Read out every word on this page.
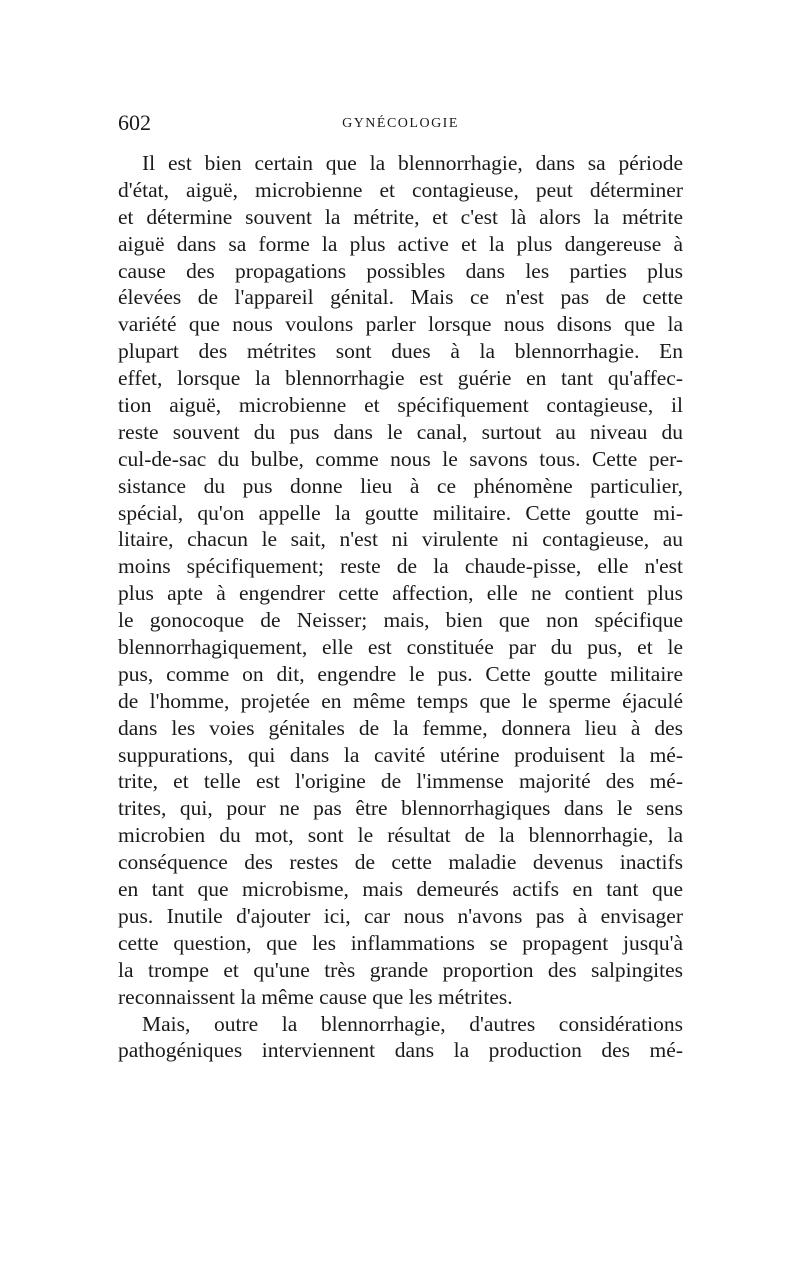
602	GYNÉCOLOGIE
Il est bien certain que la blennorrhagie, dans sa période
d'état, aiguë, microbienne et contagieuse, peut déterminer
et détermine souvent la métrite, et c'est là alors la métrite
aiguë dans sa forme la plus active et la plus dangereuse à
cause des propagations possibles dans les parties plus
élevées de l'appareil génital. Mais ce n'est pas de cette
variété que nous voulons parler lorsque nous disons que la
plupart des métrites sont dues à la blennorrhagie. En
effet, lorsque la blennorrhagie est guérie en tant qu'affec-
tion aiguë, microbienne et spécifiquement contagieuse, il
reste souvent du pus dans le canal, surtout au niveau du
cul-de-sac du bulbe, comme nous le savons tous. Cette per-
sistance du pus donne lieu à ce phénomène particulier,
spécial, qu'on appelle la goutte militaire. Cette goutte mi-
litaire, chacun le sait, n'est ni virulente ni contagieuse, au
moins spécifiquement; reste de la chaude-pisse, elle n'est
plus apte à engendrer cette affection, elle ne contient plus
le gonocoque de Neisser; mais, bien que non spécifique
blennorrhagiquement, elle est constituée par du pus, et le
pus, comme on dit, engendre le pus. Cette goutte militaire
de l'homme, projetée en même temps que le sperme éjaculé
dans les voies génitales de la femme, donnera lieu à des
suppurations, qui dans la cavité utérine produisent la mé-
trite, et telle est l'origine de l'immense majorité des mé-
trites, qui, pour ne pas être blennorrhagiques dans le sens
microbien du mot, sont le résultat de la blennorrhagie, la
conséquence des restes de cette maladie devenus inactifs
en tant que microbisme, mais demeurés actifs en tant que
pus. Inutile d'ajouter ici, car nous n'avons pas à envisager
cette question, que les inflammations se propagent jusqu'à
la trompe et qu'une très grande proportion des salpingites
reconnaissent la même cause que les métrites.
Mais, outre la blennorrhagie, d'autres considérations
pathogéniques interviennent dans la production des mé-
